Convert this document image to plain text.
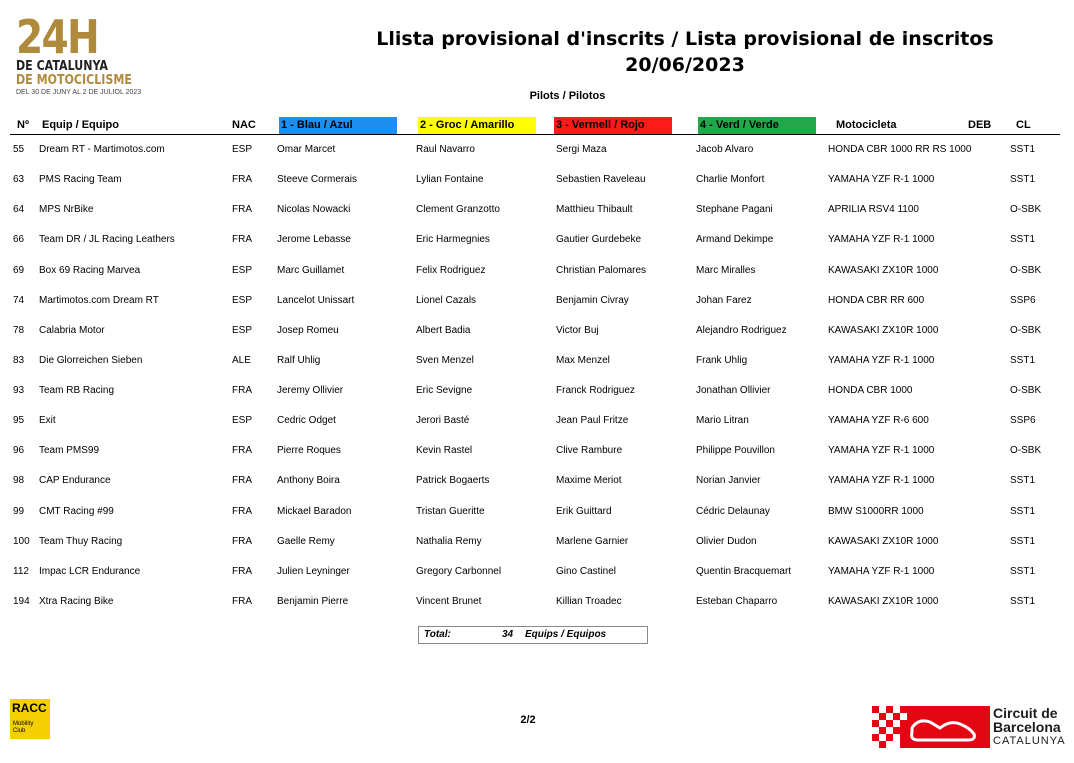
24H
DE CATALUNYA
DE MOTOCICLISME
DEL 30 DE JUNY AL 2 DE JULIOL 2023
Llista provisional d'inscrits / Lista provisional de inscritos
20/06/2023
Pilots / Pilotos
Nº Equip / Equipo	NAC 1 - Blau / Azul	2 - Groc / Amarillo	3 - Vermell / Rojo	4 - Verd / Verde	Motocicleta	DEB CL
55 Dream RT - Martimotos.com	ESP Omar Marcet	Raul Navarro	Sergi Maza	Jacob Alvaro	HONDA CBR 1000 RR RS 1000	SST1
63 PMS Racing Team	FRA	Steeve Cormerais	Lylian Fontaine	Sebastien Raveleau	Charlie Monfort	YAMAHA YZF R-1 1000	SST1
64 MPS NrBike	FRA	Nicolas Nowacki	Clement Granzotto	Matthieu Thibault	Stephane Pagani	APRILIA RSV4 1100	O-SBK
66 Team DR / JL Racing Leathers	FRA	Jerome Lebasse	Eric Harmegnies	Gautier Gurdebeke	Armand Dekimpe	YAMAHA YZF R-1 1000	SST1
69 Box 69 Racing Marvea	ESP Marc Guillamet	Felix Rodriguez	Christian Palomares	Marc Miralles	KAWASAKI ZX10R 1000	O-SBK
74 Martimotos.com Dream RT	ESP Lancelot Unissart	Lionel Cazals	Benjamin Civray	Johan Farez	HONDA CBR RR 600	SSP6
78 Calabria Motor	ESP Josep Romeu	Albert Badia	Victor Buj	Alejandro Rodriguez	KAWASAKI ZX10R 1000	O-SBK
83 Die Glorreichen Sieben	ALE	Ralf Uhlig	Sven Menzel	Max Menzel	Frank Uhlig	YAMAHA YZF R-1 1000	SST1
93 Team RB Racing	FRA	Jeremy Ollivier	Eric Sevigne	Franck Rodriguez	Jonathan Ollivier	HONDA CBR 1000	O-SBK
95 Exit	ESP Cedric Odget	Jerori Basté	Jean Paul Fritze	Mario Litran	YAMAHA YZF R-6 600	SSP6
96 Team PMS99	FRA	Pierre Roques	Kevin Rastel	Clive Rambure	Philippe Pouvillon	YAMAHA YZF R-1 1000	O-SBK
98 CAP Endurance	FRA	Anthony Boira	Patrick Bogaerts	Maxime Meriot	Norian Janvier	YAMAHA YZF R-1 1000	SST1
99 CMT Racing #99	FRA	Mickael Baradon	Tristan Gueritte	Erik Guittard	Cédric Delaunay	BMW S1000RR 1000	SST1
100 Team Thuy Racing	FRA	Gaelle Remy	Nathalia Remy	Marlene Garnier	Olivier Dudon	KAWASAKI ZX10R 1000	SST1
112 Impac LCR Endurance	FRA	Julien Leyninger	Gregory Carbonnel	Gino Castinel	Quentin Bracquemart	YAMAHA YZF R-1 1000	SST1
194 Xtra Racing Bike	FRA	Benjamin Pierre	Vincent Brunet	Killian Troadec	Esteban Chaparro	KAWASAKI ZX10R 1000	SST1
Total:	34 Equips / Equipos
2/2
RACC
Mobility
Club
Circuit de
Barcelona
CATALUNYA
